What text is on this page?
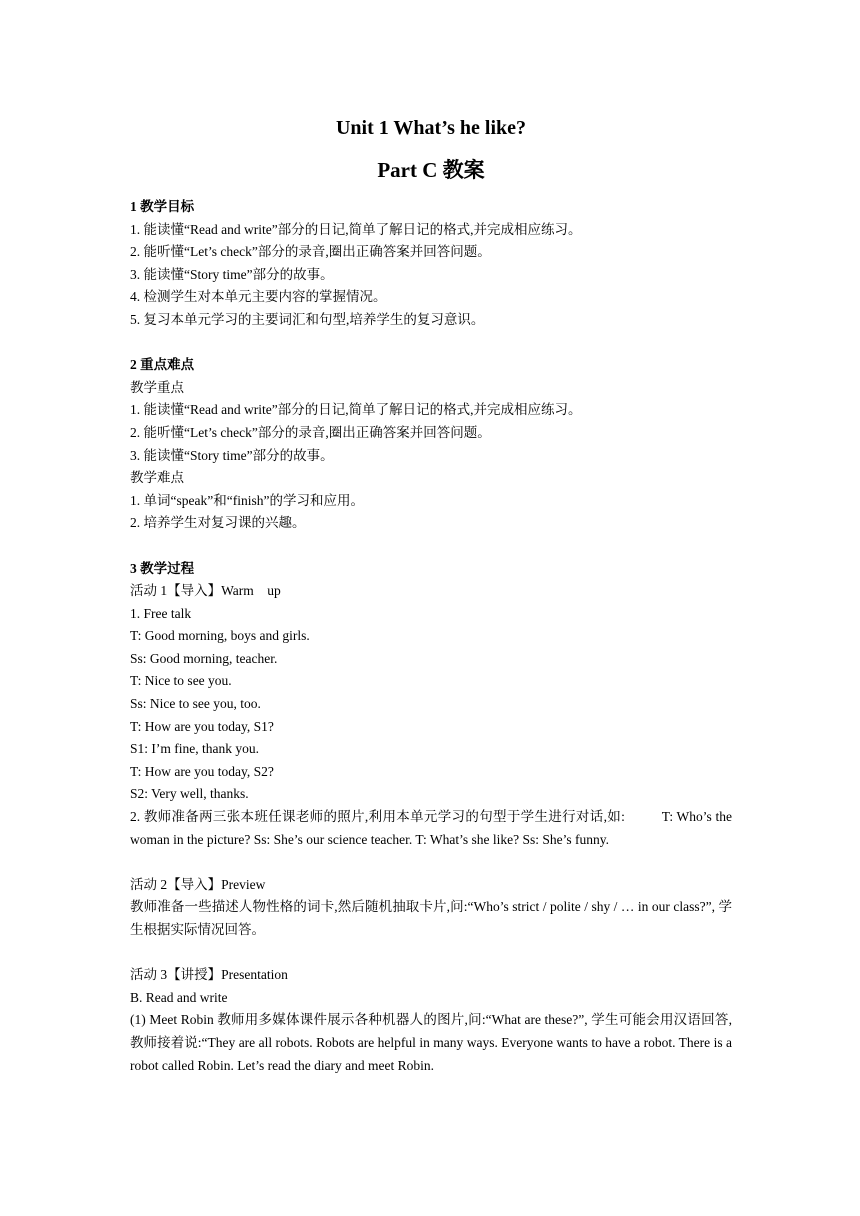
Unit 1 What’s he like?
Part C 教案

1 教学目标

1. 能读懂“Read and write”部分的日记,简单了解日记的格式,并完成相应练习。

2. 能听懂“Let’s check”部分的录音,圈出正确答案并回答问题。

3. 能读懂“Story time”部分的故事。

4. 检测学生对本单元主要内容的掌握情况。

5. 复习本单元学习的主要词汇和句型,培养学生的复习意识。

2 重点难点

教学重点

1. 能读懂“Read and write”部分的日记,简单了解日记的格式,并完成相应练习。

2. 能听懂“Let’s check”部分的录音,圈出正确答案并回答问题。

3. 能读懂“Story time”部分的故事。

教学难点

1. 单词“speak”和“finish”的学习和应用。

2. 培养学生对复习课的兴趣。

3 教学过程

活动 1【导入】Warm    up

1. Free talk

T: Good morning, boys and girls.

Ss: Good morning, teacher.

T: Nice to see you.

Ss: Nice to see you, too.

T: How are you today, S1?

S1: I’m fine, thank you.

T: How are you today, S2?

S2: Very well, thanks.

2. 教师准备两三张本班任课老师的照片,利用本单元学习的句型于学生进行对话,如:          T: Who’s the woman in the picture? Ss: She’s our science teacher. T: What’s she like? Ss: She’s funny.

活动 2【导入】Preview

教师准备一些描述人物性格的词卡,然后随机抽取卡片,问:“Who’s strict / polite / shy / … in our class?”, 学生根据实际情况回答。

活动 3【讲授】Presentation

B. Read and write

(1) Meet Robin 教师用多媒体课件展示各种机器人的图片,问:“What are these?”, 学生可能会用汉语回答,教师接着说:“They are all robots. Robots are helpful in many ways. Everyone wants to have a robot. There is a robot called Robin. Let’s read the diary and meet Robin.
